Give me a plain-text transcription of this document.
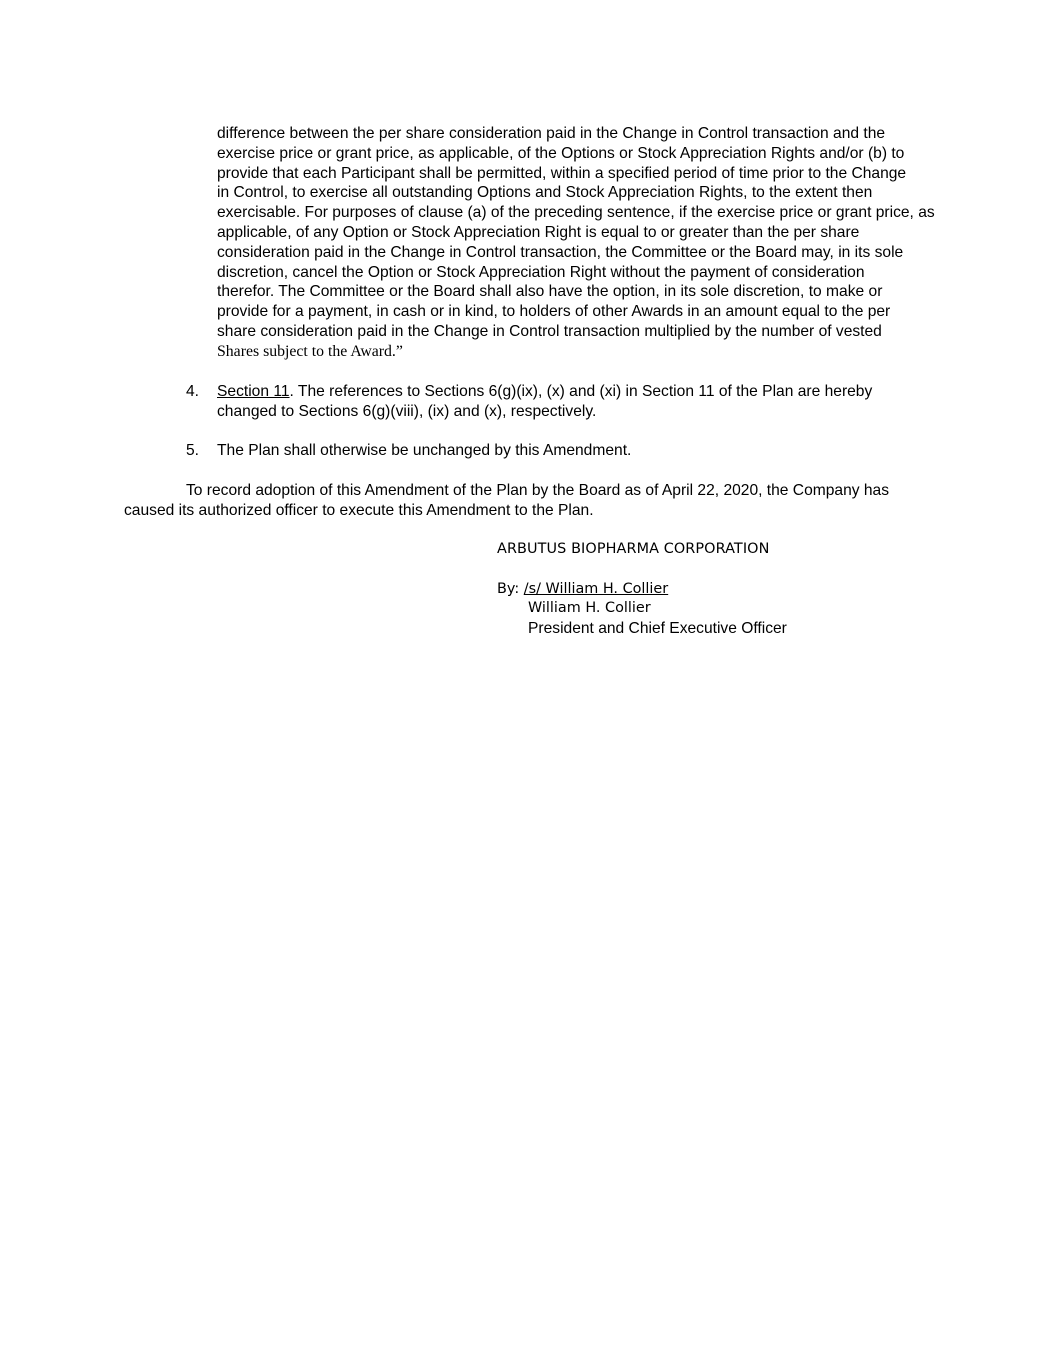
difference between the per share consideration paid in the Change in Control transaction and the
exercise price or grant price, as applicable, of the Options or Stock Appreciation Rights and/or (b) to
provide that each Participant shall be permitted, within a specified period of time prior to the Change
in Control, to exercise all outstanding Options and Stock Appreciation Rights, to the extent then
exercisable. For purposes of clause (a) of the preceding sentence, if the exercise price or grant price, as
applicable, of any Option or Stock Appreciation Right is equal to or greater than the per share
consideration paid in the Change in Control transaction, the Committee or the Board may, in its sole
discretion, cancel the Option or Stock Appreciation Right without the payment of consideration
therefor. The Committee or the Board shall also have the option, in its sole discretion, to make or
provide for a payment, in cash or in kind, to holders of other Awards in an amount equal to the per
share consideration paid in the Change in Control transaction multiplied by the number of vested
Shares subject to the Award.”
4. Section 11. The references to Sections 6(g)(ix), (x) and (xi) in Section 11 of the Plan are hereby
changed to Sections 6(g)(viii), (ix) and (x), respectively.
5. The Plan shall otherwise be unchanged by this Amendment.
To record adoption of this Amendment of the Plan by the Board as of April 22, 2020, the Company has
caused its authorized officer to execute this Amendment to the Plan.
ARBUTUS BIOPHARMA CORPORATION
By: /s/ William H. Collier
William H. Collier
President and Chief Executive Officer
